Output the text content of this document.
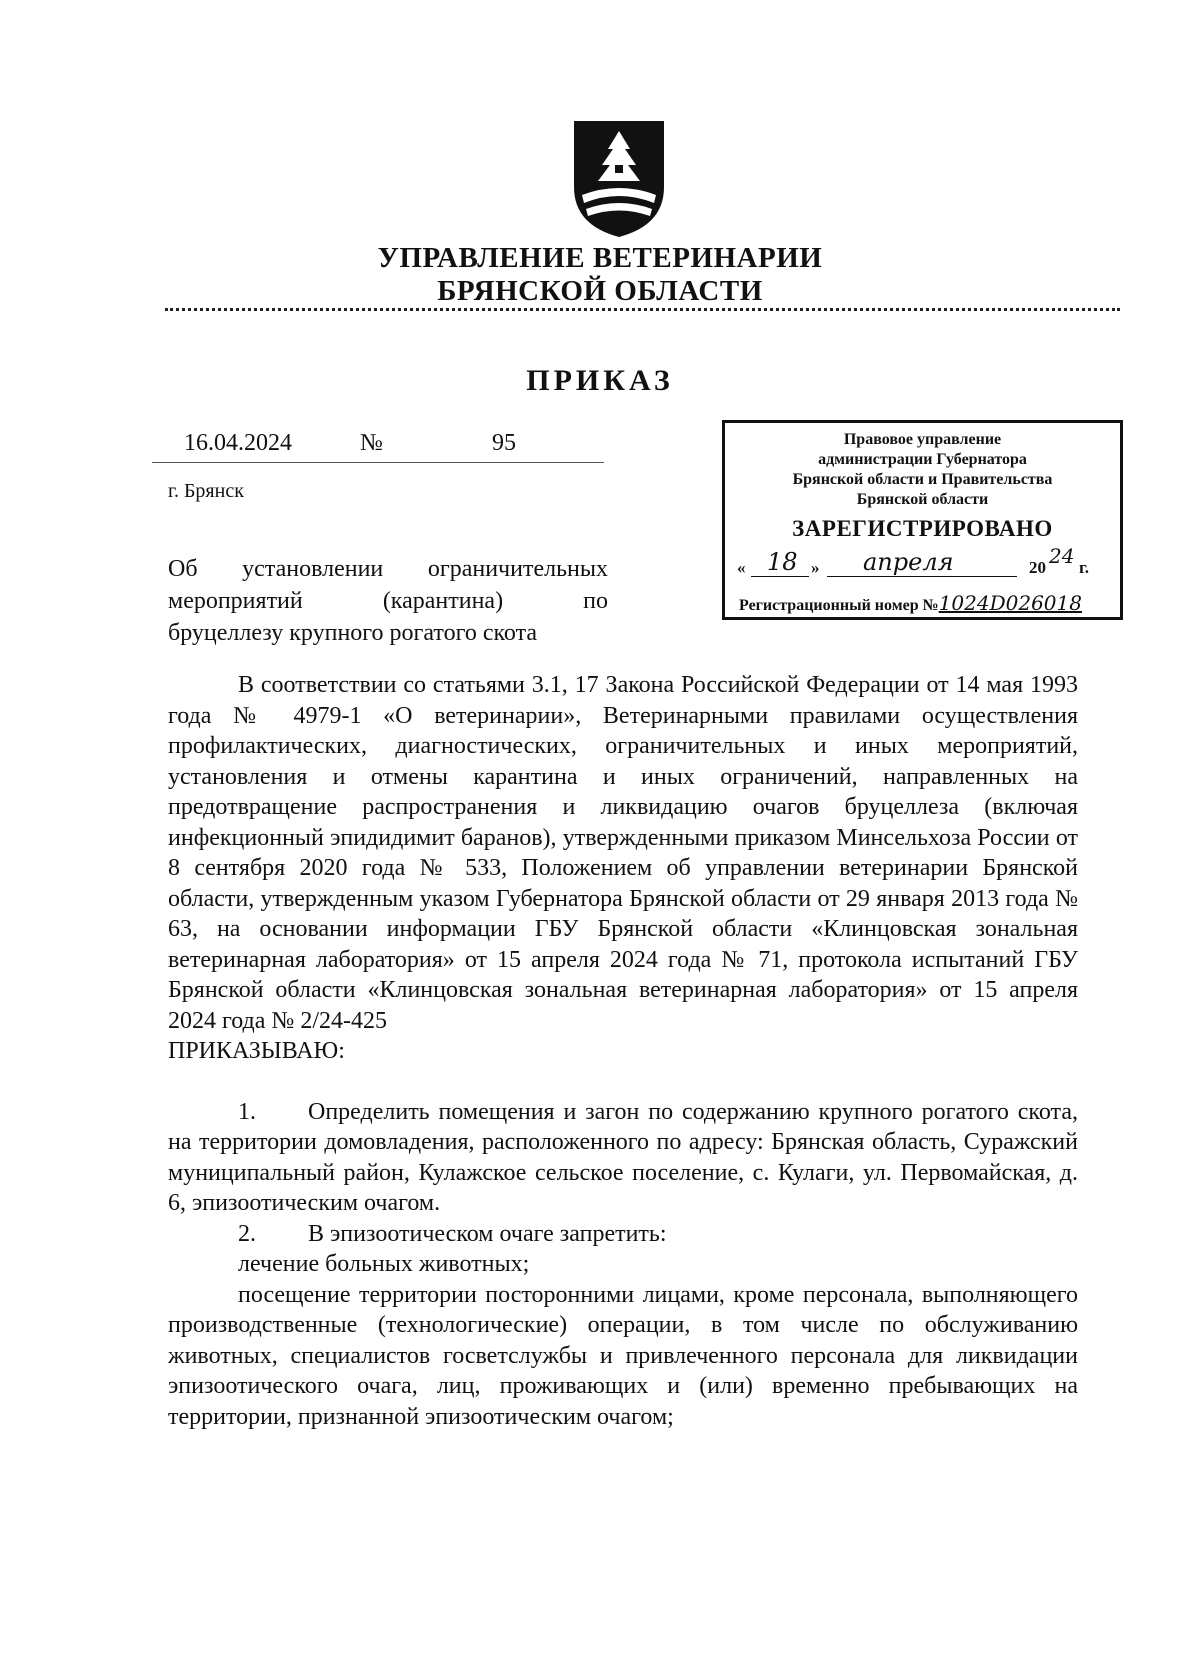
УПРАВЛЕНИЕ ВЕТЕРИНАРИИ
БРЯНСКОЙ ОБЛАСТИ
ПРИКАЗ
16.04.2024	№	95
г. Брянск
Об установлении ограничительных
мероприятий	(карантина)	по
бруцеллезу крупного рогатого скота
Правовое управление
администрации Губернатора
Брянской области и Правительства
Брянской области
ЗАРЕГИСТРИРОВАНО
« 18 » апреля	20 24 г.
Регистрационный номер №1024D026018

В соответствии со статьями 3.1, 17 Закона Российской Федерации от 14 мая 1993 года № 4979-1 «О ветеринарии», Ветеринарными правилами осуществления профилактических, диагностических, ограничительных и иных мероприятий, установления и отмены карантина и иных ограничений, направленных на предотвращение распространения и ликвидацию очагов бруцеллеза (включая инфекционный эпидидимит баранов), утвержденными приказом Минсельхоза России от 8 сентября 2020 года № 533, Положением об управлении ветеринарии Брянской области, утвержденным указом Губернатора Брянской области от 29 января 2013 года № 63, на основании информации ГБУ Брянской области «Клинцовская зональная ветеринарная лаборатория» от 15 апреля 2024 года № 71, протокола испытаний ГБУ Брянской области «Клинцовская зональная ветеринарная лаборатория» от 15 апреля 2024 года № 2/24-425

ПРИКАЗЫВАЮ:

1. Определить помещения и загон по содержанию крупного рогатого скота, на территории домовладения, расположенного по адресу: Брянская область, Суражский муниципальный район, Кулажское сельское поселение, с. Кулаги, ул. Первомайская, д. 6, эпизоотическим очагом.

2. В эпизоотическом очаге запретить:

лечение больных животных;

посещение территории посторонними лицами, кроме персонала, выполняющего производственные (технологические) операции, в том числе по обслуживанию животных, специалистов госветслужбы и привлеченного персонала для ликвидации эпизоотического очага, лиц, проживающих и (или) временно пребывающих на территории, признанной эпизоотическим очагом;
